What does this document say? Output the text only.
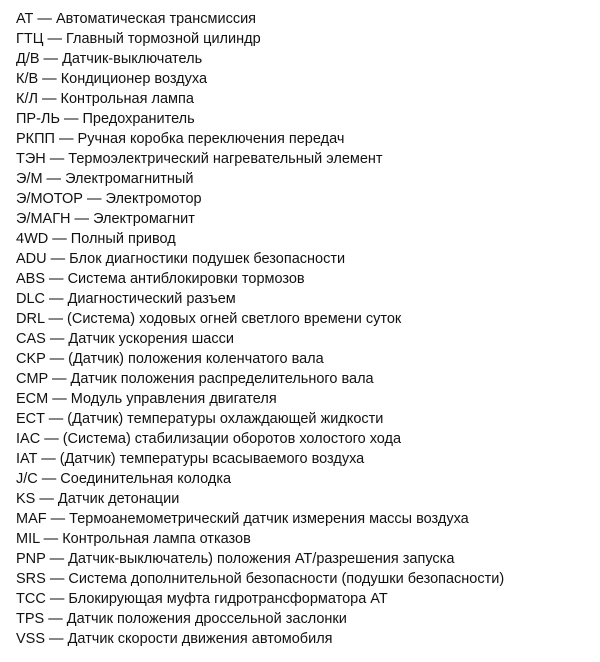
АТ — Автоматическая трансмиссия
ГТЦ — Главный тормозной цилиндр
Д/В — Датчик-выключатель
К/В — Кондиционер воздуха
К/Л — Контрольная лампа
ПР-ЛЬ — Предохранитель
РКПП — Ручная коробка переключения передач
ТЭН — Термоэлектрический нагревательный элемент
Э/М — Электромагнитный
Э/МОТОР — Электромотор
Э/МАГН — Электромагнит
4WD — Полный привод
ADU — Блок диагностики подушек безопасности
ABS — Система антиблокировки тормозов
DLC — Диагностический разъем
DRL — (Система) ходовых огней светлого времени суток
CAS — Датчик ускорения шасси
CKP — (Датчик) положения коленчатого вала
CMP — Датчик положения распределительного вала
ECM — Модуль управления двигателя
ECT — (Датчик) температуры охлаждающей жидкости
IAC — (Система) стабилизации оборотов холостого хода
IAT — (Датчик) температуры всасываемого воздуха
J/C — Соединительная колодка
KS — Датчик детонации
MAF — Термоанемометрический датчик измерения массы воздуха
MIL — Контрольная лампа отказов
PNP — Датчик-выключатель) положения АТ/разрешения запуска
SRS — Система дополнительной безопасности (подушки безопасности)
TCC — Блокирующая муфта гидротрансформатора АТ
TPS — Датчик положения дроссельной заслонки
VSS — Датчик скорости движения автомобиля
